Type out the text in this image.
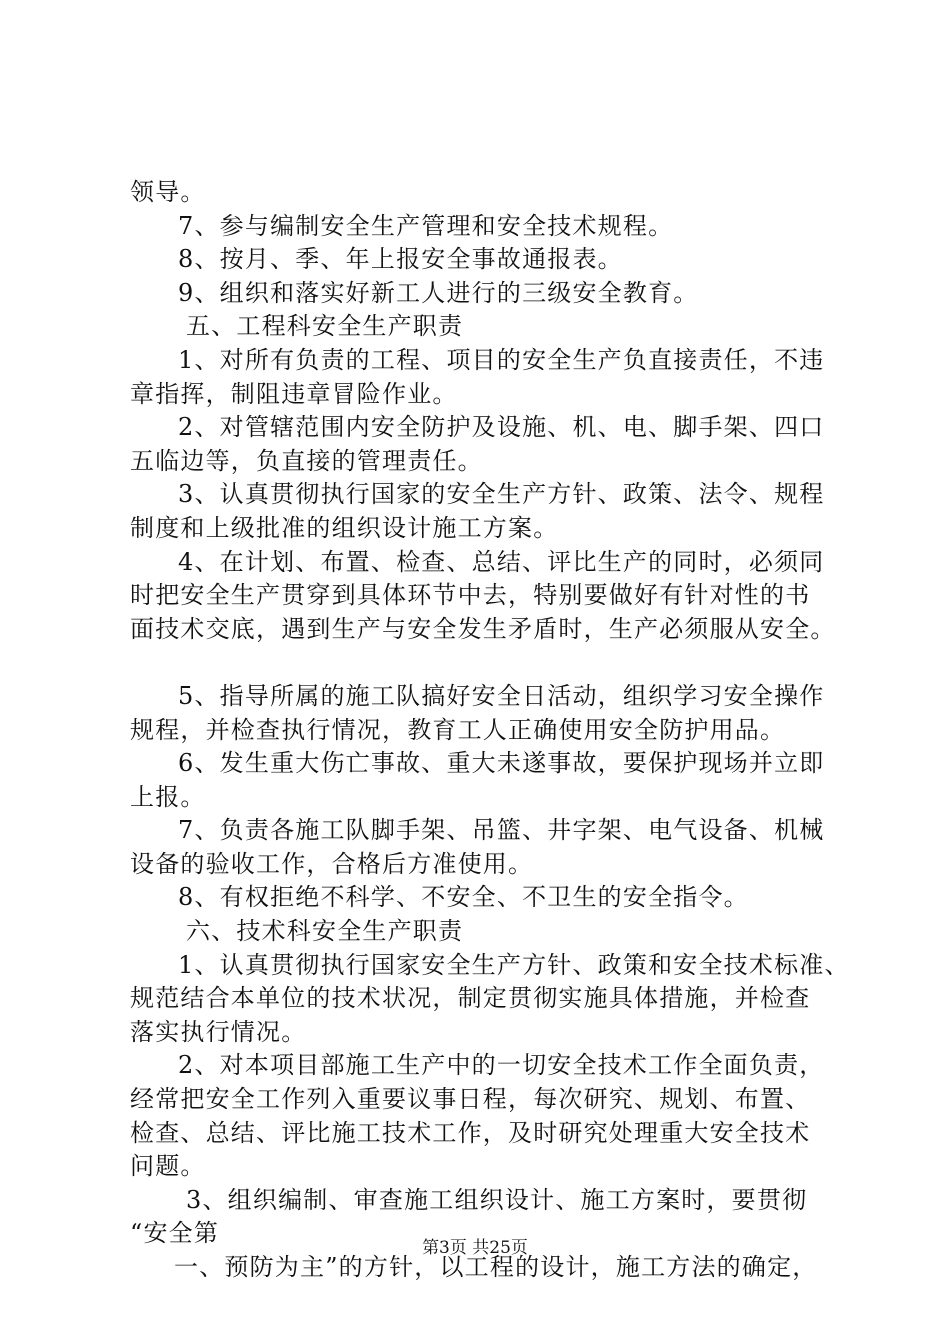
领导。
7、参与编制安全生产管理和安全技术规程。
8、按月、季、年上报安全事故通报表。
9、组织和落实好新工人进行的三级安全教育。
五、工程科安全生产职责
1、对所有负责的工程、项目的安全生产负直接责任，不违
章指挥，制阻违章冒险作业。
2、对管辖范围内安全防护及设施、机、电、脚手架、四口
五临边等，负直接的管理责任。
3、认真贯彻执行国家的安全生产方针、政策、法令、规程
制度和上级批准的组织设计施工方案。
4、在计划、布置、检查、总结、评比生产的同时，必须同
时把安全生产贯穿到具体环节中去，特别要做好有针对性的书
面技术交底，遇到生产与安全发生矛盾时，生产必须服从安全。
5、指导所属的施工队搞好安全日活动，组织学习安全操作
规程，并检查执行情况，教育工人正确使用安全防护用品。
6、发生重大伤亡事故、重大未遂事故，要保护现场并立即
上报。
7、负责各施工队脚手架、吊篮、井字架、电气设备、机械
设备的验收工作，合格后方准使用。
8、有权拒绝不科学、不安全、不卫生的安全指令。
六、技术科安全生产职责
1、认真贯彻执行国家安全生产方针、政策和安全技术标准、
规范结合本单位的技术状况，制定贯彻实施具体措施，并检查
落实执行情况。
2、对本项目部施工生产中的一切安全技术工作全面负责，
经常把安全工作列入重要议事日程，每次研究、规划、布置、
检查、总结、评比施工技术工作，及时研究处理重大安全技术
问题。
3、组织编制、审查施工组织设计、施工方案时，要贯彻
“安全第
一、预防为主”的方针，以工程的设计，施工方法的确定，
第3页 共25页
